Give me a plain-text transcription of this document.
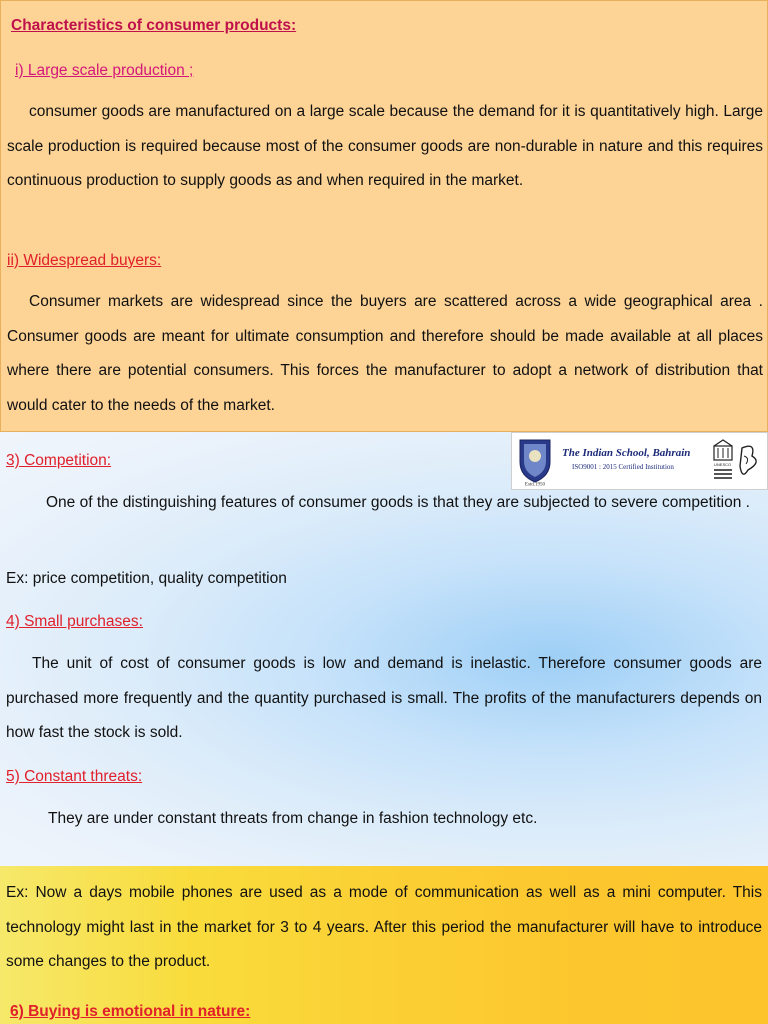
Characteristics of consumer products:

i) Large scale production ;

consumer goods are manufactured on a large scale because the demand for it is quantitatively high. Large scale production is required because most of the consumer goods are non-durable in nature and this requires continuous production to supply goods as and when required in the market.

ii) Widespread buyers:

Consumer markets are widespread since the buyers are scattered across a wide geographical area . Consumer goods are meant for ultimate consumption and therefore should be made available at all places where there are potential consumers. This forces the manufacturer to adopt a network of distribution that would cater to the needs of the market.

Estd.1950
The Indian School, Bahrain
ISO9001 : 2015 Certified Institution	UNESCO

3) Competition:

One of the distinguishing features of consumer goods is that they are subjected to severe competition .

Ex: price competition, quality competition

4) Small purchases:

The unit of cost of consumer goods is low and demand is inelastic. Therefore consumer goods are purchased more frequently and the quantity purchased is small. The profits of the manufacturers depends on how fast the stock is sold.

5) Constant threats:

They are under constant threats from change in fashion technology etc.

Ex: Now a days mobile phones are used as a mode of communication as well as a mini computer. This technology might last in the market for 3 to 4 years. After this period the manufacturer will have to introduce some changes to the product.

6) Buying is emotional in nature:
